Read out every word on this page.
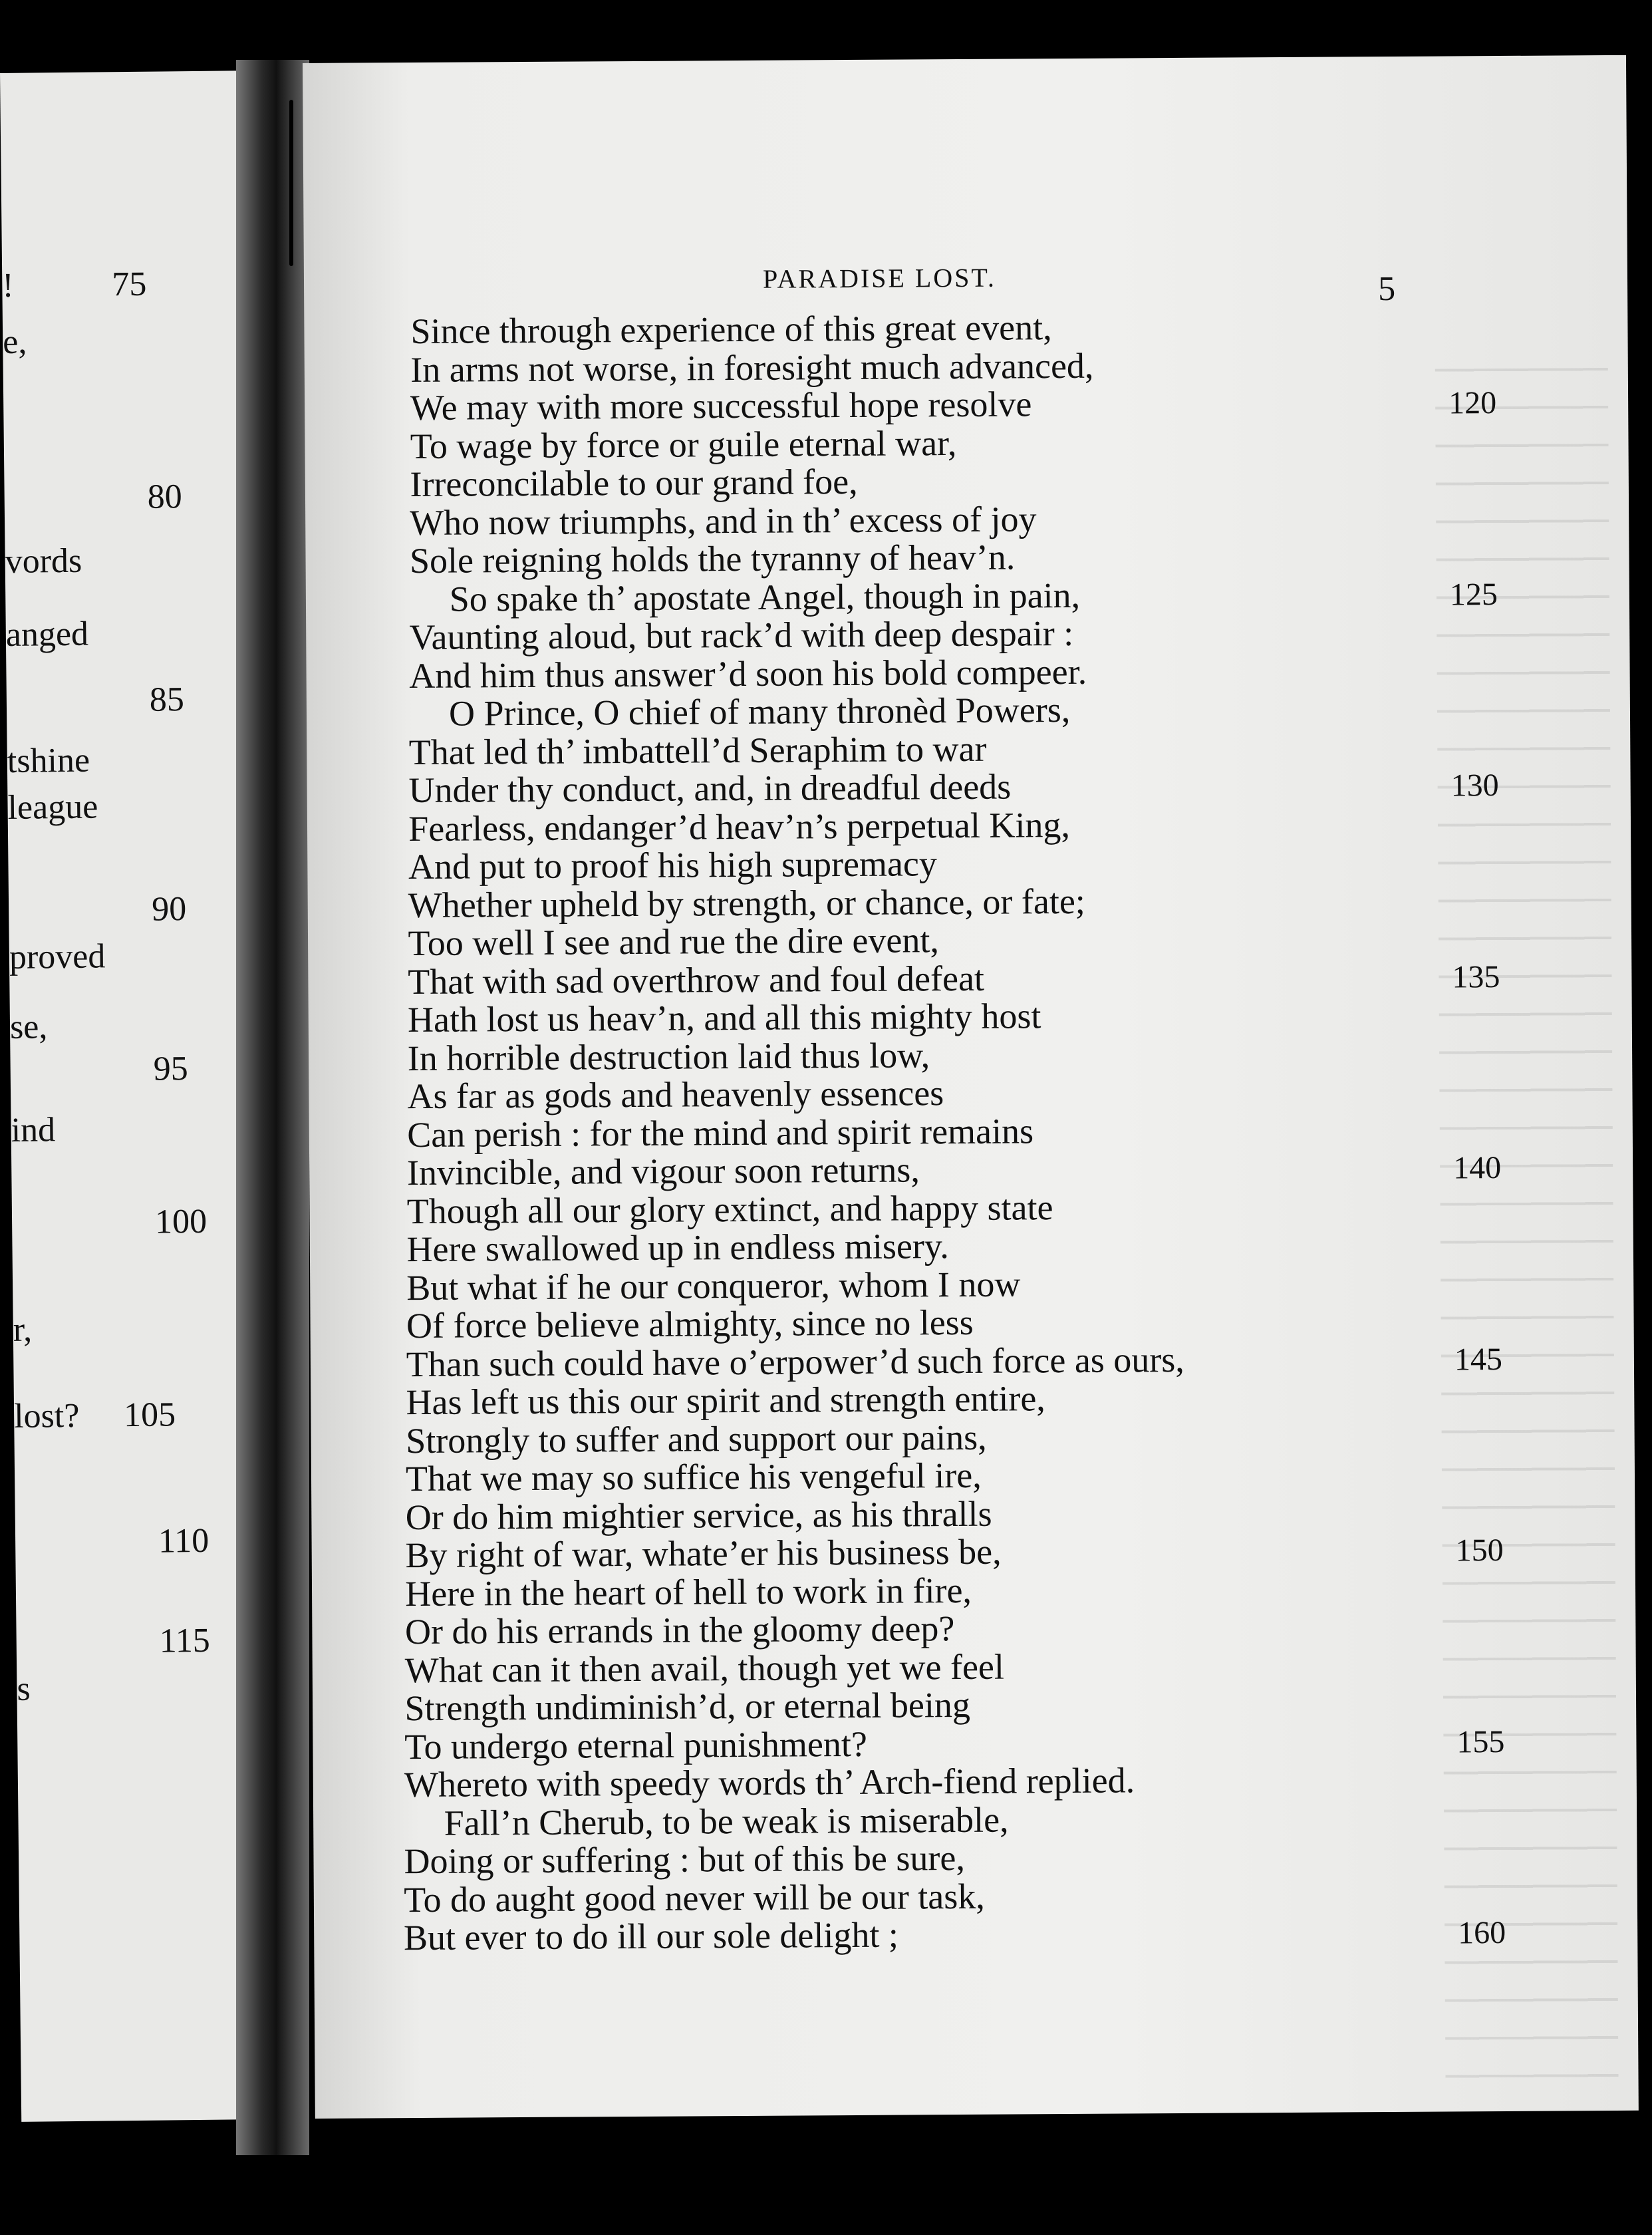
!	75
e,
80
vords
anged
85
tshine
league
90
proved
se,
95
ind
100
r,
lost? 105
110
115
s
PARADISE LOST.	5
Since through experience of this great event,
In arms not worse, in foresight much advanced,
We may with more successful hope resolve	120
To wage by force or guile eternal war,
Irreconcilable to our grand foe,
Who now triumphs, and in th’ excess of joy
Sole reigning holds the tyranny of heav’n.
So spake th’ apostate Angel, though in pain,	125
Vaunting aloud, but rack’d with deep despair :
And him thus answer’d soon his bold compeer.
O Prince, O chief of many thronèd Powers,
That led th’ imbattell’d Seraphim to war
Under thy conduct, and, in dreadful deeds	130
Fearless, endanger’d heav’n’s perpetual King,
And put to proof his high supremacy
Whether upheld by strength, or chance, or fate;
Too well I see and rue the dire event,
That with sad overthrow and foul defeat	135
Hath lost us heav’n, and all this mighty host
In horrible destruction laid thus low,
As far as gods and heavenly essences
Can perish : for the mind and spirit remains
Invincible, and vigour soon returns,	140
Though all our glory extinct, and happy state
Here swallowed up in endless misery.
But what if he our conqueror, whom I now
Of force believe almighty, since no less
Than such could have o’erpower’d such force as ours,	145
Has left us this our spirit and strength entire,
Strongly to suffer and support our pains,
That we may so suffice his vengeful ire,
Or do him mightier service, as his thralls
By right of war, whate’er his business be,	150
Here in the heart of hell to work in fire,
Or do his errands in the gloomy deep?
What can it then avail, though yet we feel
Strength undiminish’d, or eternal being
To undergo eternal punishment?	155
Whereto with speedy words th’ Arch-fiend replied.
Fall’n Cherub, to be weak is miserable,
Doing or suffering : but of this be sure,
To do aught good never will be our task,
But ever to do ill our sole delight ;	160
